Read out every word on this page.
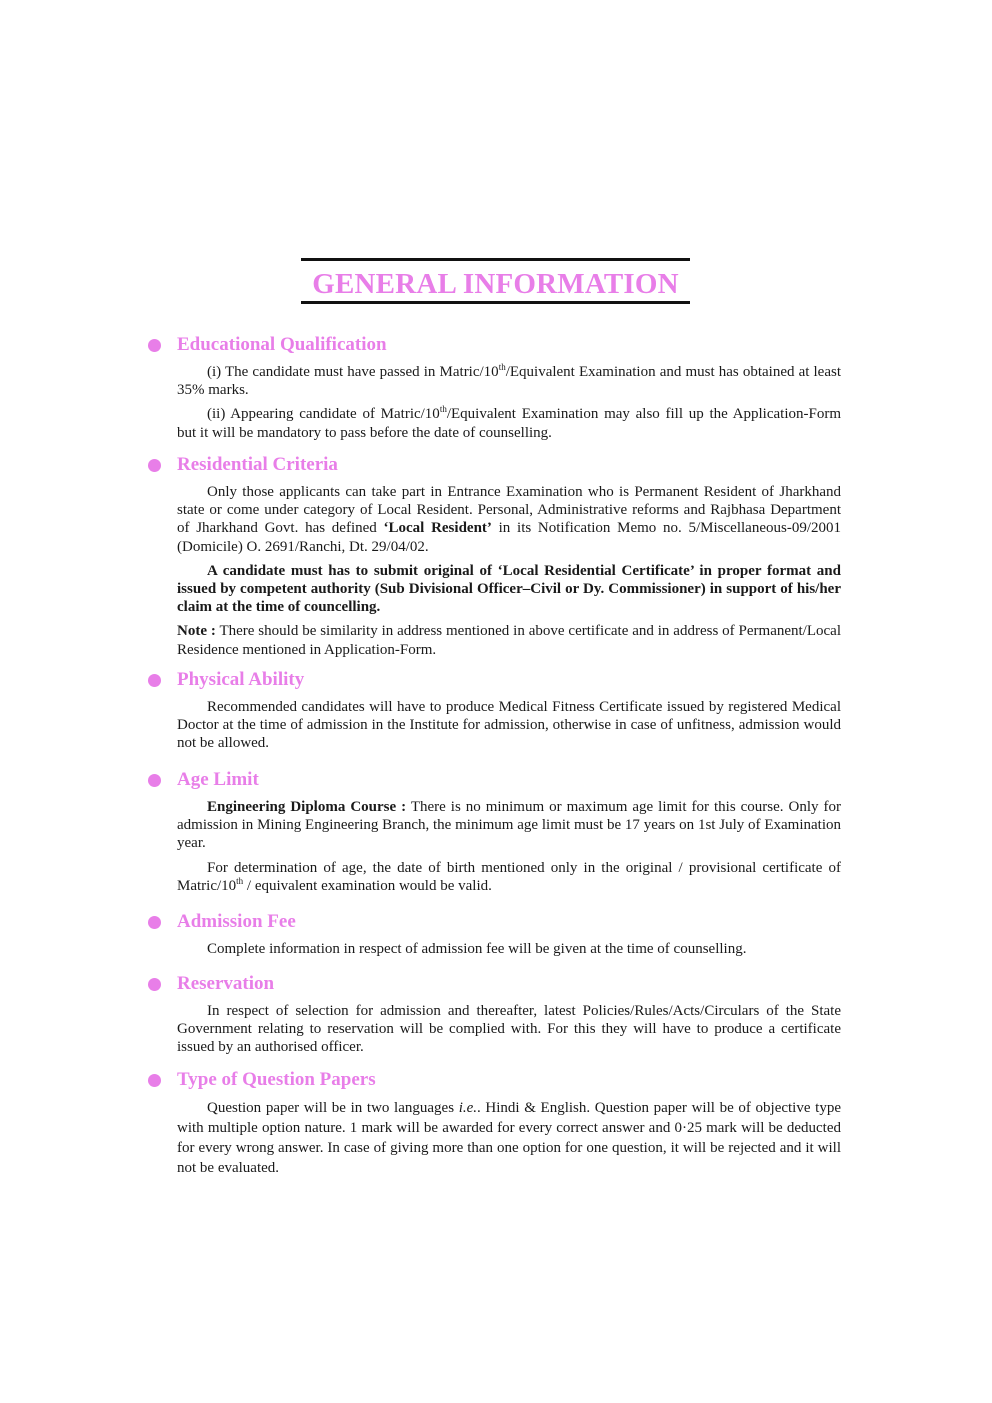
GENERAL INFORMATION
Educational Qualification

(i) The candidate must have passed in Matric/10th/Equivalent Examination and must has obtained at least 35% marks.

(ii) Appearing candidate of Matric/10th/Equivalent Examination may also fill up the Application-Form but it will be mandatory to pass before the date of counselling.

Residential Criteria

Only those applicants can take part in Entrance Examination who is Permanent Resident of Jharkhand state or come under category of Local Resident. Personal, Administrative reforms and Rajbhasa Department of Jharkhand Govt. has defined ‘Local Resident’ in its Notification Memo no. 5/Miscellaneous-09/2001 (Domicile) O. 2691/Ranchi, Dt. 29/04/02.

A candidate must has to submit original of ‘Local Residential Certificate’ in proper format and issued by competent authority (Sub Divisional Officer–Civil or Dy. Commissioner) in support of his/her claim at the time of councelling.

Note : There should be similarity in address mentioned in above certificate and in address of Permanent/Local Residence mentioned in Application-Form.

Physical Ability

Recommended candidates will have to produce Medical Fitness Certificate issued by registered Medical Doctor at the time of admission in the Institute for admission, otherwise in case of unfitness, admission would not be allowed.

Age Limit

Engineering Diploma Course : There is no minimum or maximum age limit for this course. Only for admission in Mining Engineering Branch, the minimum age limit must be 17 years on 1st July of Examination year.

For determination of age, the date of birth mentioned only in the original / provisional certificate of Matric/10th / equivalent examination would be valid.

Admission Fee

Complete information in respect of admission fee will be given at the time of counselling.

Reservation

In respect of selection for admission and thereafter, latest Policies/Rules/Acts/Circulars of the State Government relating to reservation will be complied with. For this they will have to produce a certificate issued by an authorised officer.

Type of Question Papers

Question paper will be in two languages i.e.. Hindi & English. Question paper will be of objective type with multiple option nature. 1 mark will be awarded for every correct answer and 0·25 mark will be deducted for every wrong answer. In case of giving more than one option for one question, it will be rejected and it will not be evaluated.
